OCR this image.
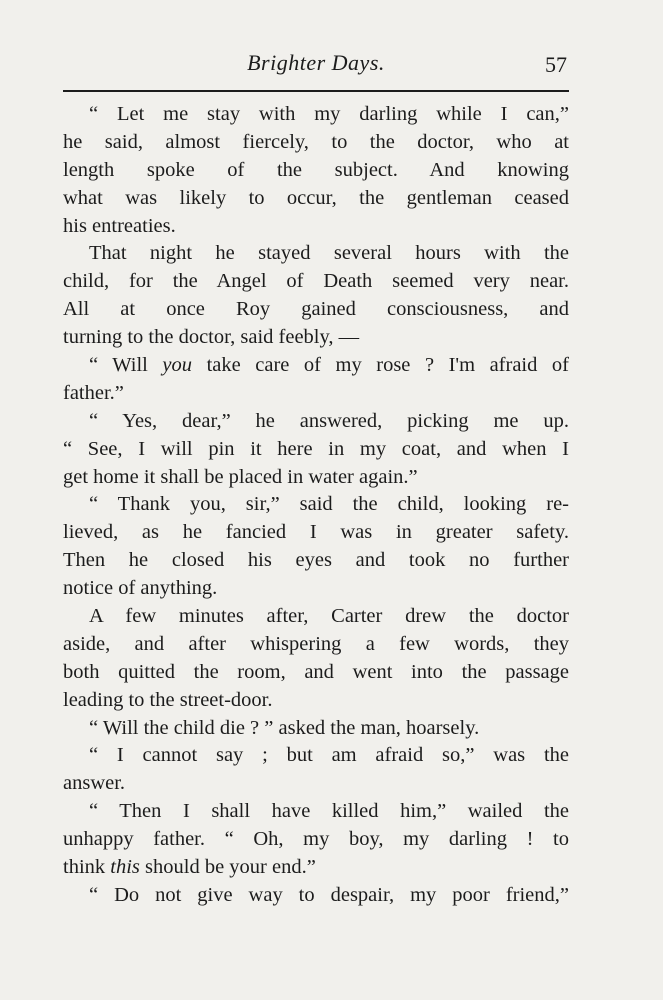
Brighter Days.	57
“ Let me stay with my darling while I can,”
he said, almost fiercely, to the doctor, who at
length spoke of the subject. And knowing
what was likely to occur, the gentleman ceased
his entreaties.
That night he stayed several hours with the
child, for the Angel of Death seemed very near.
All at once Roy gained consciousness, and
turning to the doctor, said feebly, —
“ Will you take care of my rose ? I'm afraid of
father.”
“ Yes, dear,” he answered, picking me up.
“ See, I will pin it here in my coat, and when I
get home it shall be placed in water again.”
“ Thank you, sir,” said the child, looking re-
lieved, as he fancied I was in greater safety.
Then he closed his eyes and took no further
notice of anything.
A few minutes after, Carter drew the doctor
aside, and after whispering a few words, they
both quitted the room, and went into the passage
leading to the street-door.
“ Will the child die ? ” asked the man, hoarsely.
“ I cannot say ; but am afraid so,” was the
answer.
“ Then I shall have killed him,” wailed the
unhappy father. “ Oh, my boy, my darling ! to
think this should be your end.”
“ Do not give way to despair, my poor friend,”
